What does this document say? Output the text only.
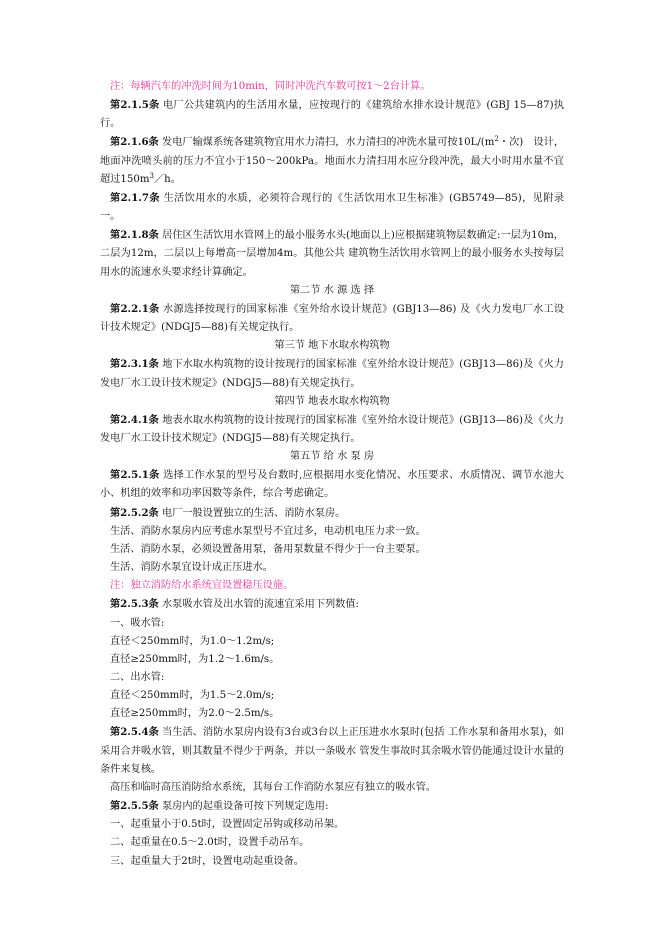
注：每辆汽车的冲洗时间为10min，同时冲洗汽车数可按1～2台计算。

第2.1.5条 电厂公共建筑内的生活用水量，应按现行的《建筑给水排水设计规范》(GBJ 15—87)执行。

第2.1.6条 发电厂输煤系统各建筑物宜用水力清扫，水力清扫的冲洗水量可按$10L/(m^2$・次)　设计，地面冲洗喷头前的压力不宜小于150～200kPa。地面水力清扫用水应分段冲洗，最大小时用水量不宜超过$150m^3/h$。

第2.1.7条 生活饮用水的水质，必须符合现行的《生活饮用水卫生标准》(GB5749—85)，见附录一。

第2.1.8条 居住区生活饮用水管网上的最小服务水头(地面以上)应根据建筑物层数确定:一层为10m，二层为12m，二层以上每增高一层增加4m。其他公共 建筑物生活饮用水管网上的最小服务水头按每层用水的流速水头要求经计算确定。

第二节 水 源 选 择

第2.2.1条 水源选择按现行的国家标准《室外给水设计规范》(GBJ13—86) 及《火力发电厂水工设计技术规定》(NDGJ5—88)有关规定执行。

第三节 地下水取水构筑物

第2.3.1条 地下水取水构筑物的设计按现行的国家标准《室外给水设计规范》(GBJ13—86)及《火力发电厂水工设计技术规定》(NDGJ5—88)有关规定执行。

第四节 地表水取水构筑物

第2.4.1条 地表水取水构筑物的设计按现行的国家标准《室外给水设计规范》(GBJ13—86)及《火力发电厂水工设计技术规定》(NDGJ5—88)有关规定执行。

第五节 给 水 泵 房

第2.5.1条 选择工作水泵的型号及台数时,应根据用水变化情况、水压要求、水质情况、调节水池大小、机组的效率和功率因数等条件，综合考虑确定。

第2.5.2条 电厂一般设置独立的生活、消防水泵房。

生活、消防水泵房内应考虑水泵型号不宜过多，电动机电压力求一致。

生活、消防水泵，必须设置备用泵，备用泵数量不得少于一台主要泵。

生活、消防水泵宜设计成正压进水。

注：独立消防给水系统宜设置稳压设施。

第2.5.3条 水泵吸水管及出水管的流速宜采用下列数值:

一、吸水管:

直径＜250mm时，为1.0～1.2m/s;

直径≥250mm时，为1.2～1.6m/s。

二、出水管:

直径＜250mm时，为1.5～2.0m/s;

直径≥250mm时，为2.0～2.5m/s。

第2.5.4条 当生活、消防水泵房内设有3台或3台以上正压进水水泵时(包括 工作水泵和备用水泵)，如采用合并吸水管，则其数量不得少于两条，并以一条吸水 管发生事故时其余吸水管仍能通过设计水量的条件来复核。

高压和临时高压消防给水系统，其每台工作消防水泵应有独立的吸水管。

第2.5.5条 泵房内的起重设备可按下列规定选用:

一、起重量小于0.5t时，设置固定吊钩或移动吊架。

二、起重量在0.5～2.0t时，设置手动吊车。

三、起重量大于2t时，设置电动起重设备。
